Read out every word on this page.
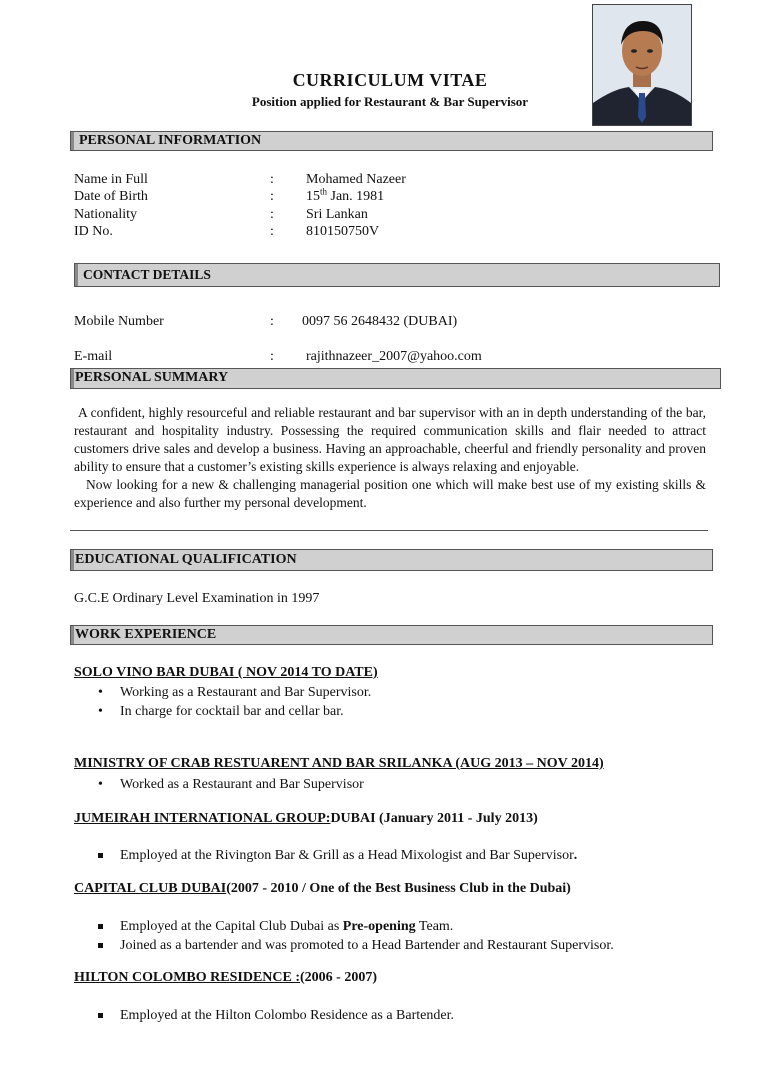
CURRICULUM VITAE
Position applied for Restaurant & Bar Supervisor
PERSONAL INFORMATION
Name in Full	: Mohamed Nazeer
Date of Birth	: 15th Jan. 1981
Nationality	: Sri Lankan
ID No.	: 810150750V
CONTACT DETAILS
Mobile Number	: 0097 56 2648432 (DUBAI)
E-mail	: rajithnazeer_2007@yahoo.com
PERSONAL SUMMARY

A confident, highly resourceful and reliable restaurant and bar supervisor with an in depth understanding of the bar, restaurant and hospitality industry. Possessing the required communication skills and flair needed to attract customers drive sales and develop a business. Having an approachable, cheerful and friendly personality and proven ability to ensure that a customer’s existing skills experience is always relaxing and enjoyable.

Now looking for a new & challenging managerial position one which will make best use of my existing skills & experience and also further my personal development.

EDUCATIONAL QUALIFICATION
G.C.E Ordinary Level Examination in 1997
WORK EXPERIENCE
SOLO VINO BAR DUBAI ( NOV 2014 TO DATE)
• Working as a Restaurant and Bar Supervisor.
• In charge for cocktail bar and cellar bar.
MINISTRY OF CRAB RESTUARENT AND BAR SRILANKA (AUG 2013 – NOV 2014)
• Worked as a Restaurant and Bar Supervisor
JUMEIRAH INTERNATIONAL GROUP:DUBAI (January 2011 - July 2013)
Employed at the Rivington Bar & Grill as a Head Mixologist and Bar Supervisor.
CAPITAL CLUB DUBAI(2007 - 2010 / One of the Best Business Club in the Dubai)
Employed at the Capital Club Dubai as Pre-opening Team.
Joined as a bartender and was promoted to a Head Bartender and Restaurant Supervisor.
HILTON COLOMBO RESIDENCE :(2006 - 2007)
Employed at the Hilton Colombo Residence as a Bartender.
